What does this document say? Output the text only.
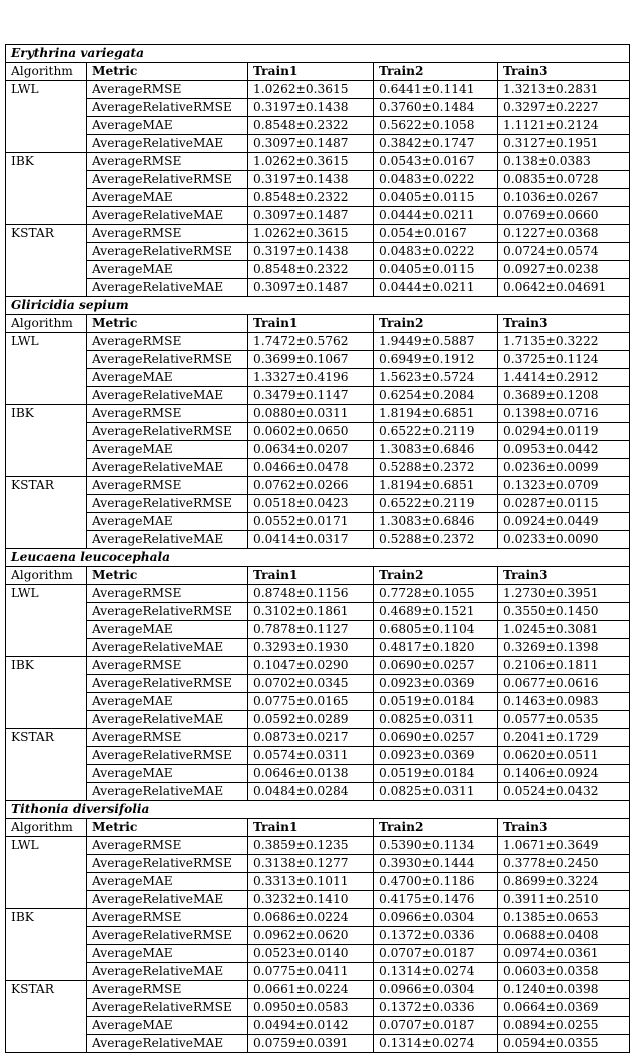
Erythrina variegata				
Algorithm	Metric	Train1	Train2	Train3
LWL	AverageRMSE	1.0262±0.3615	0.6441±0.1141	1.3213±0.2831
	AverageRelativeRMSE	0.3197±0.1438	0.3760±0.1484	0.3297±0.2227
	AverageMAE	0.8548±0.2322	0.5622±0.1058	1.1121±0.2124
	AverageRelativeMAE	0.3097±0.1487	0.3842±0.1747	0.3127±0.1951
IBK	AverageRMSE	1.0262±0.3615	0.0543±0.0167	0.138±0.0383
	AverageRelativeRMSE	0.3197±0.1438	0.0483±0.0222	0.0835±0.0728
	AverageMAE	0.8548±0.2322	0.0405±0.0115	0.1036±0.0267
	AverageRelativeMAE	0.3097±0.1487	0.0444±0.0211	0.0769±0.0660
KSTAR	AverageRMSE	1.0262±0.3615	0.054±0.0167	0.1227±0.0368
	AverageRelativeRMSE	0.3197±0.1438	0.0483±0.0222	0.0724±0.0574
	AverageMAE	0.8548±0.2322	0.0405±0.0115	0.0927±0.0238
	AverageRelativeMAE	0.3097±0.1487	0.0444±0.0211	0.0642±0.04691
Gliricidia sepium				
Algorithm	Metric	Train1	Train2	Train3
LWL	AverageRMSE	1.7472±0.5762	1.9449±0.5887	1.7135±0.3222
	AverageRelativeRMSE	0.3699±0.1067	0.6949±0.1912	0.3725±0.1124
	AverageMAE	1.3327±0.4196	1.5623±0.5724	1.4414±0.2912
	AverageRelativeMAE	0.3479±0.1147	0.6254±0.2084	0.3689±0.1208
IBK	AverageRMSE	0.0880±0.0311	1.8194±0.6851	0.1398±0.0716
	AverageRelativeRMSE	0.0602±0.0650	0.6522±0.2119	0.0294±0.0119
	AverageMAE	0.0634±0.0207	1.3083±0.6846	0.0953±0.0442
	AverageRelativeMAE	0.0466±0.0478	0.5288±0.2372	0.0236±0.0099
KSTAR	AverageRMSE	0.0762±0.0266	1.8194±0.6851	0.1323±0.0709
	AverageRelativeRMSE	0.0518±0.0423	0.6522±0.2119	0.0287±0.0115
	AverageMAE	0.0552±0.0171	1.3083±0.6846	0.0924±0.0449
	AverageRelativeMAE	0.0414±0.0317	0.5288±0.2372	0.0233±0.0090
Leucaena leucocephala				
Algorithm	Metric	Train1	Train2	Train3
LWL	AverageRMSE	0.8748±0.1156	0.7728±0.1055	1.2730±0.3951
	AverageRelativeRMSE	0.3102±0.1861	0.4689±0.1521	0.3550±0.1450
	AverageMAE	0.7878±0.1127	0.6805±0.1104	1.0245±0.3081
	AverageRelativeMAE	0.3293±0.1930	0.4817±0.1820	0.3269±0.1398
IBK	AverageRMSE	0.1047±0.0290	0.0690±0.0257	0.2106±0.1811
	AverageRelativeRMSE	0.0702±0.0345	0.0923±0.0369	0.0677±0.0616
	AverageMAE	0.0775±0.0165	0.0519±0.0184	0.1463±0.0983
	AverageRelativeMAE	0.0592±0.0289	0.0825±0.0311	0.0577±0.0535
KSTAR	AverageRMSE	0.0873±0.0217	0.0690±0.0257	0.2041±0.1729
	AverageRelativeRMSE	0.0574±0.0311	0.0923±0.0369	0.0620±0.0511
	AverageMAE	0.0646±0.0138	0.0519±0.0184	0.1406±0.0924
	AverageRelativeMAE	0.0484±0.0284	0.0825±0.0311	0.0524±0.0432
Tithonia diversifolia				
Algorithm	Metric	Train1	Train2	Train3
LWL	AverageRMSE	0.3859±0.1235	0.5390±0.1134	1.0671±0.3649
	AverageRelativeRMSE	0.3138±0.1277	0.3930±0.1444	0.3778±0.2450
	AverageMAE	0.3313±0.1011	0.4700±0.1186	0.8699±0.3224
	AverageRelativeMAE	0.3232±0.1410	0.4175±0.1476	0.3911±0.2510
IBK	AverageRMSE	0.0686±0.0224	0.0966±0.0304	0.1385±0.0653
	AverageRelativeRMSE	0.0962±0.0620	0.1372±0.0336	0.0688±0.0408
	AverageMAE	0.0523±0.0140	0.0707±0.0187	0.0974±0.0361
	AverageRelativeMAE	0.0775±0.0411	0.1314±0.0274	0.0603±0.0358
KSTAR	AverageRMSE	0.0661±0.0224	0.0966±0.0304	0.1240±0.0398
	AverageRelativeRMSE	0.0950±0.0583	0.1372±0.0336	0.0664±0.0369
	AverageMAE	0.0494±0.0142	0.0707±0.0187	0.0894±0.0255
	AverageRelativeMAE	0.0759±0.0391	0.1314±0.0274	0.0594±0.0355
